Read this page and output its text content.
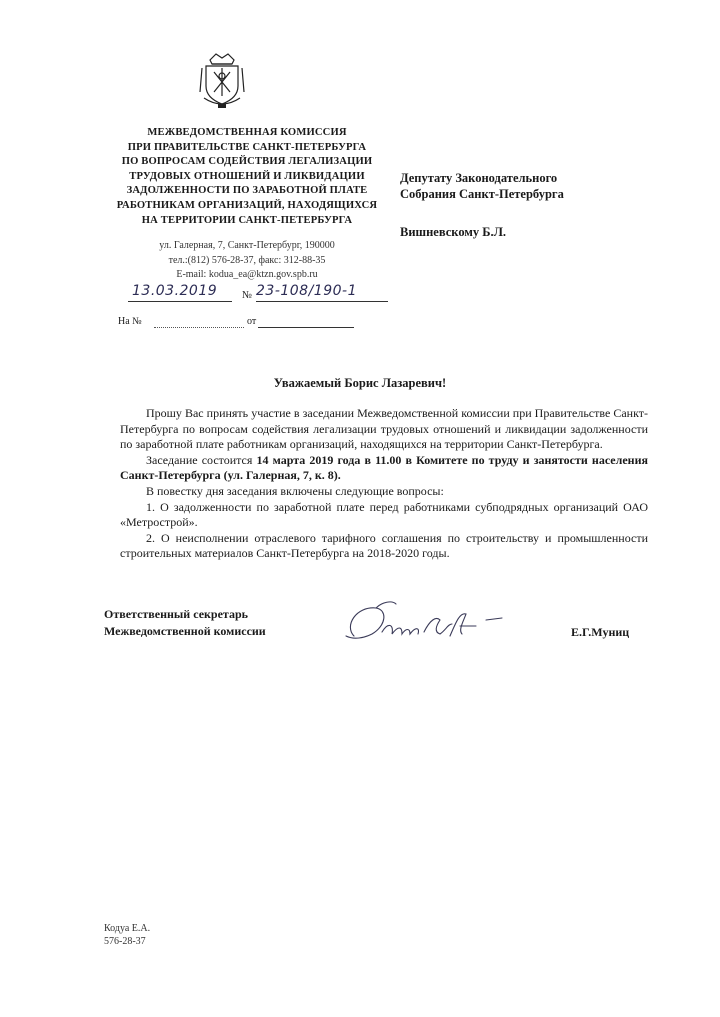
МЕЖВЕДОМСТВЕННАЯ КОМИССИЯ
ПРИ ПРАВИТЕЛЬСТВЕ САНКТ-ПЕТЕРБУРГА
ПО ВОПРОСАМ СОДЕЙСТВИЯ ЛЕГАЛИЗАЦИИ
ТРУДОВЫХ ОТНОШЕНИЙ И ЛИКВИДАЦИИ
ЗАДОЛЖЕННОСТИ ПО ЗАРАБОТНОЙ ПЛАТЕ
РАБОТНИКАМ ОРГАНИЗАЦИЙ, НАХОДЯЩИХСЯ
НА ТЕРРИТОРИИ САНКТ-ПЕТЕРБУРГА
ул. Галерная, 7, Санкт-Петербург, 190000
тел.:(812) 576-28-37, факс: 312-88-35
E-mail: kodua_ea@ktzn.gov.spb.ru
13.03.2019 № 23-108/190-1
На №	от
Депутату Законодательного
Собрания Санкт-Петербурга
Вишневскому Б.Л.
Уважаемый Борис Лазаревич!

Прошу Вас принять участие в заседании Межведомственной комиссии при Правительстве Санкт-Петербурга по вопросам содействия легализации трудовых отношений и ликвидации задолженности по заработной плате работникам организаций, находящихся на территории Санкт-Петербурга.

Заседание состоится 14 марта 2019 года в 11.00 в Комитете по труду и занятости населения Санкт-Петербурга (ул. Галерная, 7, к. 8).

В повестку дня заседания включены следующие вопросы:

1. О задолженности по заработной плате перед работниками субподрядных организаций ОАО «Метрострой».

2. О неисполнении отраслевого тарифного соглашения по строительству и промышленности строительных материалов Санкт-Петербурга на 2018-2020 годы.

Ответственный секретарь
Межведомственной комиссии	Е.Г.Муниц
Кодуа Е.А.
576-28-37
